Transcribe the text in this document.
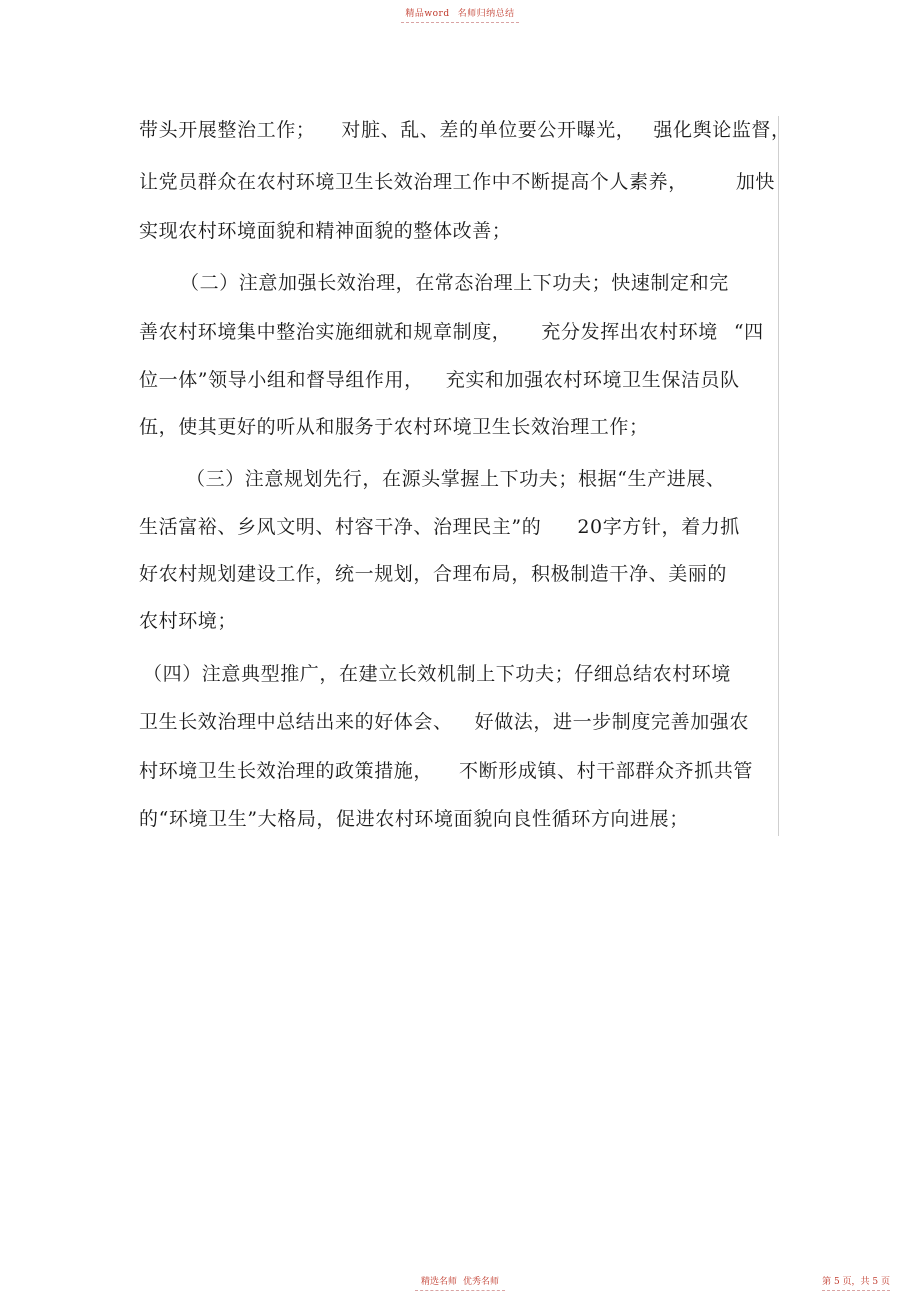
精品word 名师归纳总结
带头开展整治工作； 对脏、乱、差的单位要公开曝光， 强化舆论监督，
让党员群众在农村环境卫生长效治理工作中不断提高个人素养，	加快
实现农村环境面貌和精神面貌的整体改善；
（二）注意加强长效治理，在常态治理上下功夫；快速制定和完
善农村环境集中整治实施细就和规章制度， 充分发挥出农村环境 “四
位一体”领导小组和督导组作用， 充实和加强农村环境卫生保洁员队
伍，使其更好的听从和服务于农村环境卫生长效治理工作；
（三）注意规划先行，在源头掌握上下功夫；根据“生产进展、
生活富裕、乡风文明、村容干净、治理民主”的 20字方针，着力抓
好农村规划建设工作，统一规划，合理布局，积极制造干净、美丽的
农村环境；
（四）注意典型推广，在建立长效机制上下功夫；仔细总结农村环境
卫生长效治理中总结出来的好体会、 好做法，进一步制度完善加强农
村环境卫生长效治理的政策措施， 不断形成镇、村干部群众齐抓共管
的“环境卫生”大格局，促进农村环境面貌向良性循环方向进展；
精选名师 优秀名师	第 5 页，共 5 页
